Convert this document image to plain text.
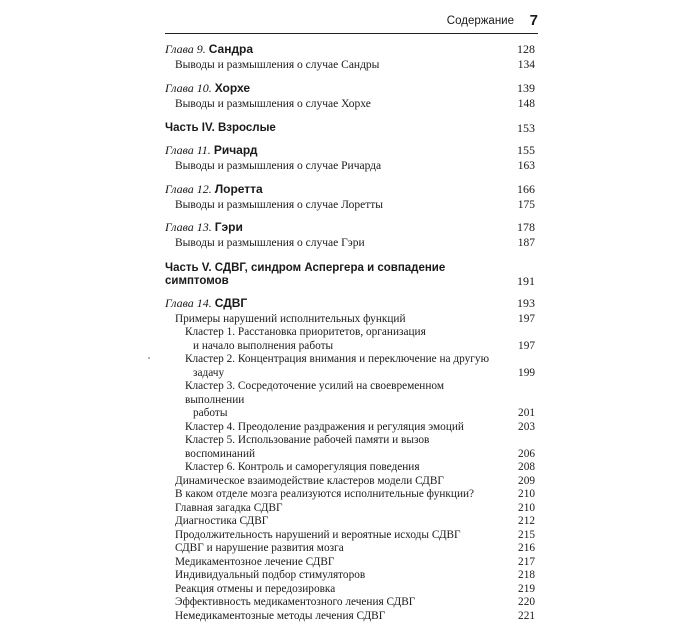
Содержание 7
Глава 9. Сандра	128
Выводы и размышления о случае Сандры	134
Глава 10. Хорхе	139
Выводы и размышления о случае Хорхе	148
Часть IV. Взрослые	153
Глава 11. Ричард	155
Выводы и размышления о случае Ричарда	163
Глава 12. Лоретта	166
Выводы и размышления о случае Лоретты	175
Глава 13. Гэри	178
Выводы и размышления о случае Гэри	187
Часть V. СДВГ, синдром Аспергера и совпадение симптомов	191
Глава 14. СДВГ	193
Примеры нарушений исполнительных функций	197
Кластер 1. Расстановка приоритетов, организация
и начало выполнения работы	197
Кластер 2. Концентрация внимания и переключение на другую
задачу	199
Кластер 3. Сосредоточение усилий на своевременном выполнении
работы	201
Кластер 4. Преодоление раздражения и регуляция эмоций	203
Кластер 5. Использование рабочей памяти и вызов воспоминаний	206
Кластер 6. Контроль и саморегуляция поведения	208
Динамическое взаимодействие кластеров модели СДВГ	209
В каком отделе мозга реализуются исполнительные функции?	210
Главная загадка СДВГ	210
Диагностика СДВГ	212
Продолжительность нарушений и вероятные исходы СДВГ	215
СДВГ и нарушение развития мозга	216
Медикаментозное лечение СДВГ	217
Индивидуальный подбор стимуляторов	218
Реакция отмены и передозировка	219
Эффективность медикаментозного лечения СДВГ	220
Немедикаментозные методы лечения СДВГ	221
